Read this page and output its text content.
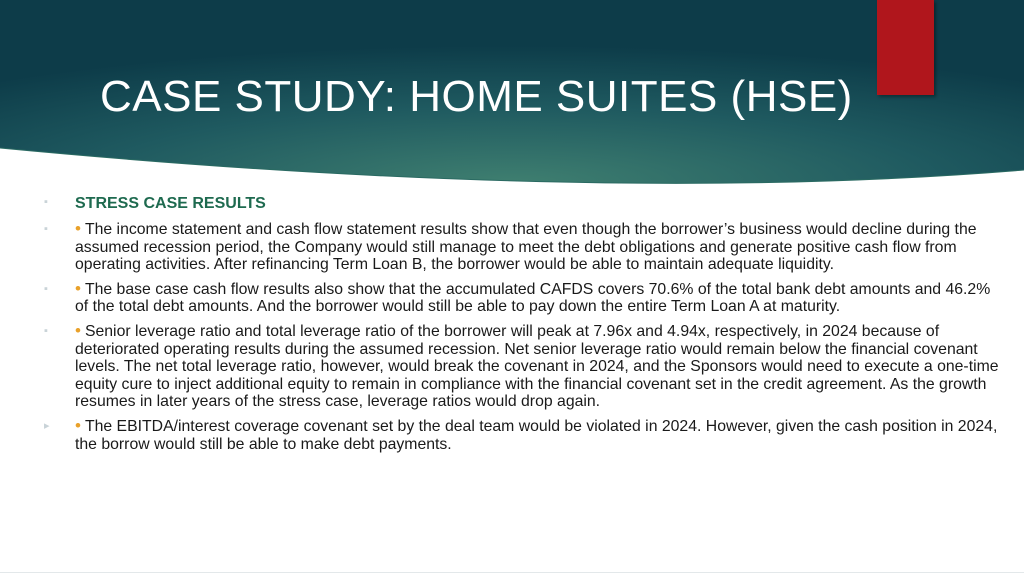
CASE STUDY: HOME SUITES (HSE)
▪ STRESS CASE RESULTS
▪ • The income statement and cash flow statement results show that even though the borrower’s business would decline during the assumed recession period, the Company would still manage to meet the debt obligations and generate positive cash flow from operating activities. After refinancing Term Loan B, the borrower would be able to maintain adequate liquidity.
▪ • The base case cash flow results also show that the accumulated CAFDS covers 70.6% of the total bank debt amounts and 46.2% of the total debt amounts. And the borrower would still be able to pay down the entire Term Loan A at maturity.
▪ • Senior leverage ratio and total leverage ratio of the borrower will peak at 7.96x and 4.94x, respectively, in 2024 because of deteriorated operating results during the assumed recession. Net senior leverage ratio would remain below the financial covenant levels. The net total leverage ratio, however, would break the covenant in 2024, and the Sponsors would need to execute a one-time equity cure to inject additional equity to remain in compliance with the financial covenant set in the credit agreement. As the growth resumes in later years of the stress case, leverage ratios would drop again.
▸ • The EBITDA/interest coverage covenant set by the deal team would be violated in 2024. However, given the cash position in 2024, the borrow would still be able to make debt payments.
